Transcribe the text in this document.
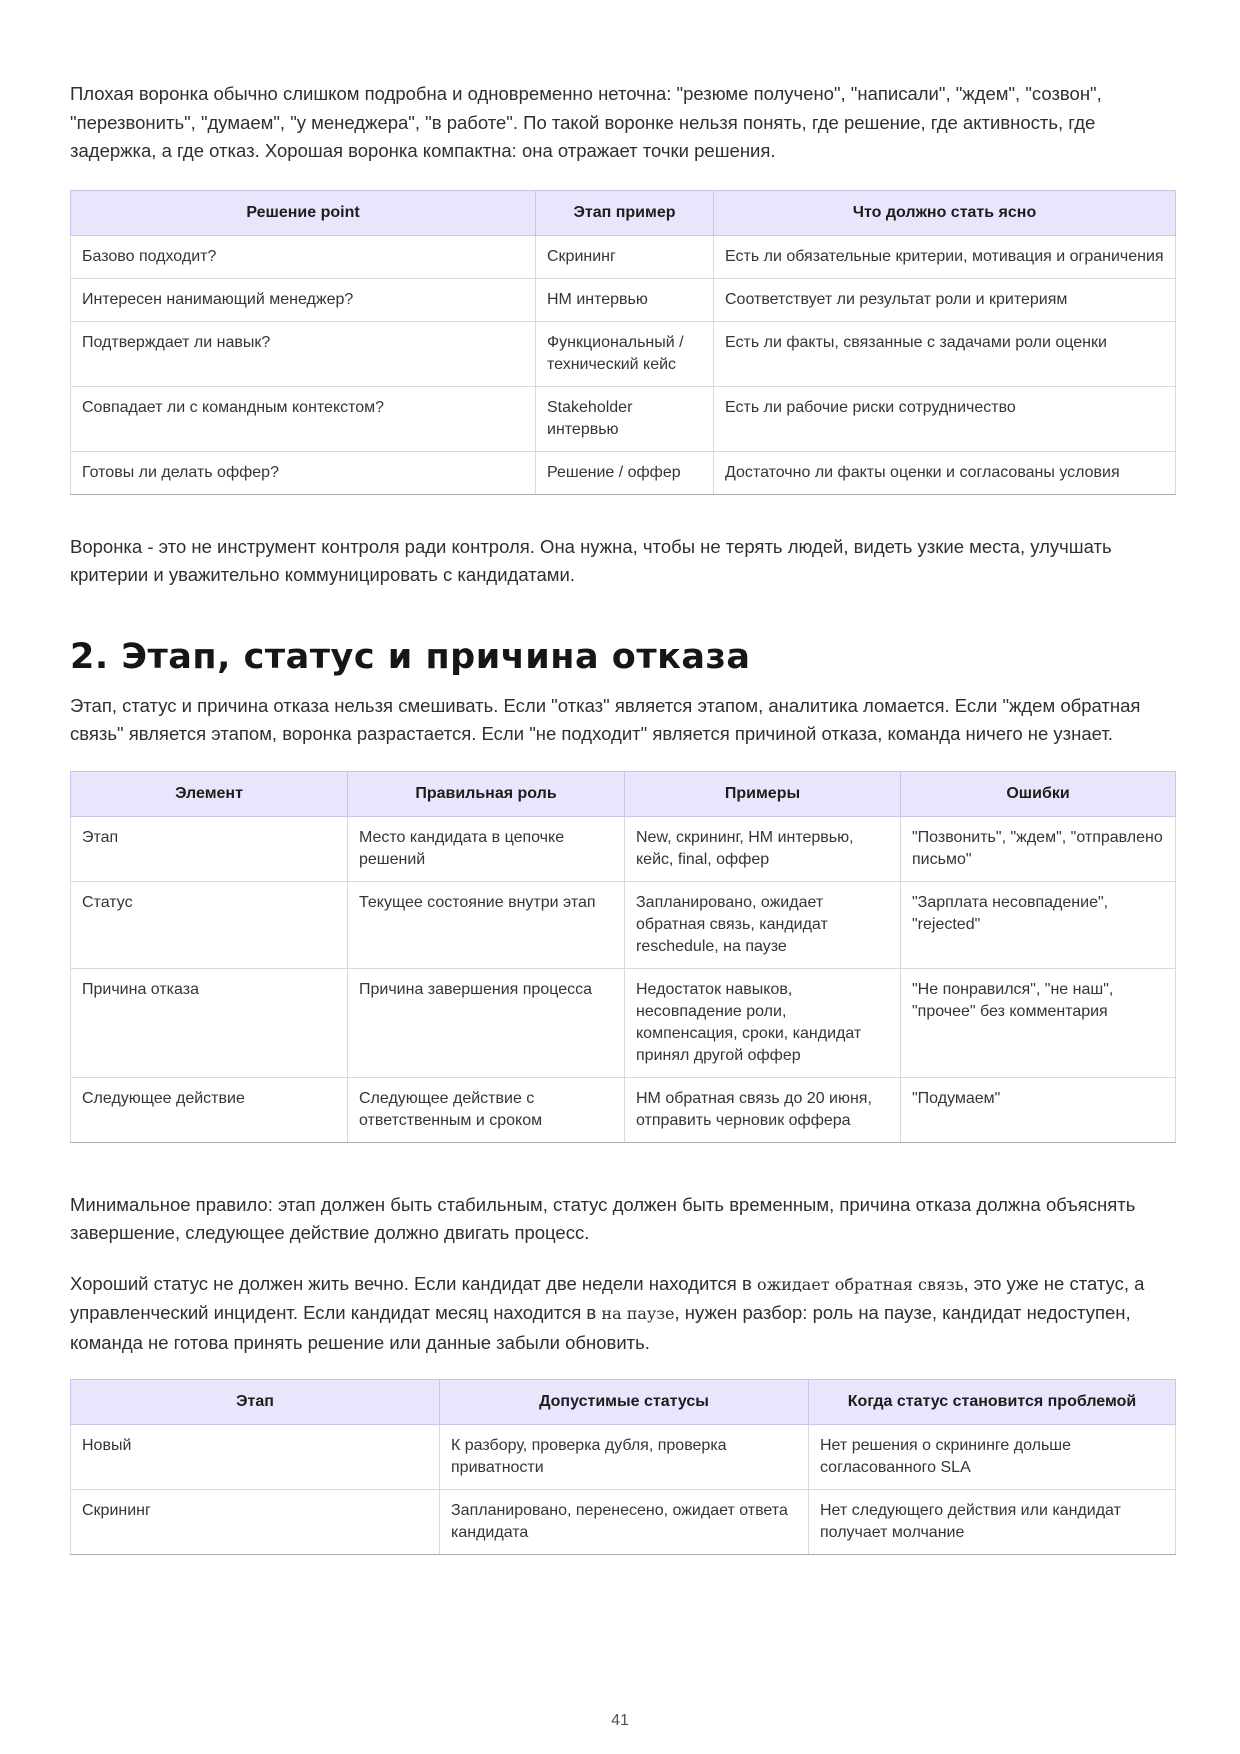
Плохая воронка обычно слишком подробна и одновременно неточна: "резюме получено", "написали", "ждем", "созвон", "перезвонить", "думаем", "у менеджера", "в работе". По такой воронке нельзя понять, где решение, где активность, где задержка, а где отказ. Хорошая воронка компактна: она отражает точки решения.

Решение point	Этап пример	Что должно стать ясно
Базово подходит?	Скрининг	Есть ли обязательные критерии, мотивация и ограничения
Интересен нанимающий менеджер?	HM интервью	Соответствует ли результат роли и критериям
Подтверждает ли навык?	Функциональный / технический кейс	Есть ли факты, связанные с задачами роли оценки
Совпадает ли с командным контекстом?	Stakeholder интервью	Есть ли рабочие риски сотрудничество
Готовы ли делать оффер?	Решение / оффер	Достаточно ли факты оценки и согласованы условия

Воронка - это не инструмент контроля ради контроля. Она нужна, чтобы не терять людей, видеть узкие места, улучшать критерии и уважительно коммуницировать с кандидатами.

2. Этап, статус и причина отказа

Этап, статус и причина отказа нельзя смешивать. Если "отказ" является этапом, аналитика ломается. Если "ждем обратная связь" является этапом, воронка разрастается. Если "не подходит" является причиной отказа, команда ничего не узнает.

Элемент	Правильная роль	Примеры	Ошибки
Этап	Место кандидата в цепочке решений	New, скрининг, HM интервью, кейс, final, оффер	"Позвонить", "ждем", "отправлено письмо"
Статус	Текущее состояние внутри этап	Запланировано, ожидает обратная связь, кандидат reschedule, на паузе	"Зарплата несовпадение", "rejected"
Причина отказа	Причина завершения процесса	Недостаток навыков, несовпадение роли, компенсация, сроки, кандидат принял другой оффер	"Не понравился", "не наш", "прочее" без комментария
Следующее действие	Следующее действие с ответственным и сроком	HM обратная связь до 20 июня, отправить черновик оффера	"Подумаем"

Минимальное правило: этап должен быть стабильным, статус должен быть временным, причина отказа должна объяснять завершение, следующее действие должно двигать процесс.

Хороший статус не должен жить вечно. Если кандидат две недели находится в ожидает обратная связь, это уже не статус, а управленческий инцидент. Если кандидат месяц находится в на паузе, нужен разбор: роль на паузе, кандидат недоступен, команда не готова принять решение или данные забыли обновить.

Этап	Допустимые статусы	Когда статус становится проблемой
Новый	К разбору, проверка дубля, проверка приватности	Нет решения о скрининге дольше согласованного SLA
Скрининг	Запланировано, перенесено, ожидает ответа кандидата	Нет следующего действия или кандидат получает молчание
41
